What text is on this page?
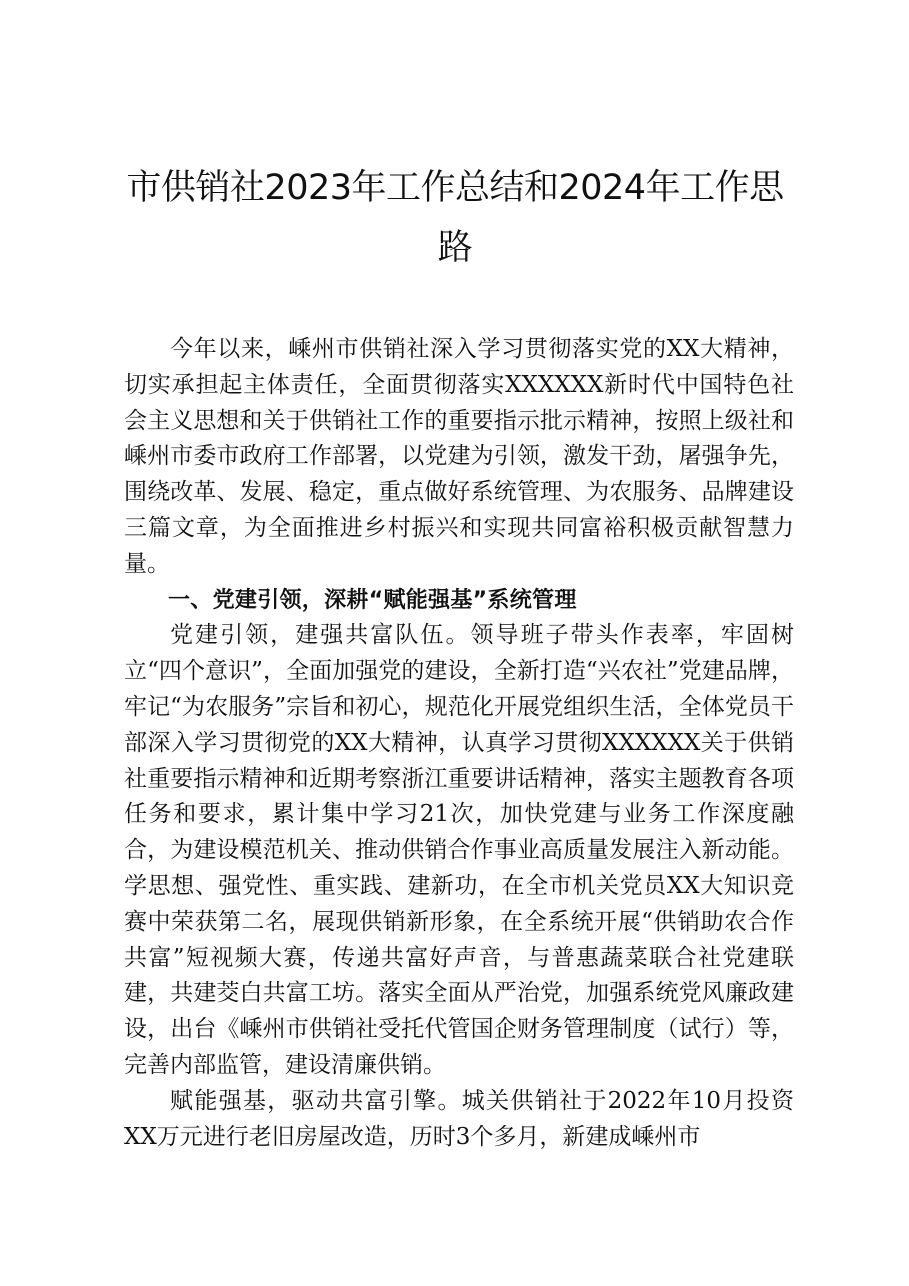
市供销社2023年工作总结和2024年工作思路

今年以来，嵊州市供销社深入学习贯彻落实党的XX大精神，切实承担起主体责任，全面贯彻落实XXXXXX新时代中国特色社会主义思想和关于供销社工作的重要指示批示精神，按照上级社和嵊州市委市政府工作部署，以党建为引领，激发干劲，屠强争先，围绕改革、发展、稳定，重点做好系统管理、为农服务、品牌建设三篇文章，为全面推进乡村振兴和实现共同富裕积极贡献智慧力量。

一、党建引领，深耕“赋能强基”系统管理

党建引领，建强共富队伍。领导班子带头作表率，牢固树立“四个意识”，全面加强党的建设，全新打造“兴农社”党建品牌，牢记“为农服务”宗旨和初心，规范化开展党组织生活，全体党员干部深入学习贯彻党的XX大精神，认真学习贯彻XXXXXX关于供销社重要指示精神和近期考察浙江重要讲话精神，落实主题教育各项任务和要求，累计集中学习21次，加快党建与业务工作深度融合，为建设模范机关、推动供销合作事业高质量发展注入新动能。学思想、强党性、重实践、建新功，在全市机关党员XX大知识竞赛中荣获第二名，展现供销新形象，在全系统开展“供销助农合作共富”短视频大赛，传递共富好声音，与普惠蔬菜联合社党建联建，共建茭白共富工坊。落实全面从严治党，加强系统党风廉政建设，出台《嵊州市供销社受托代管国企财务管理制度（试行）等，完善内部监管，建设清廉供销。

赋能强基，驱动共富引擎。城关供销社于2022年10月投资XX万元进行老旧房屋改造，历时3个多月，新建成嵊州市
